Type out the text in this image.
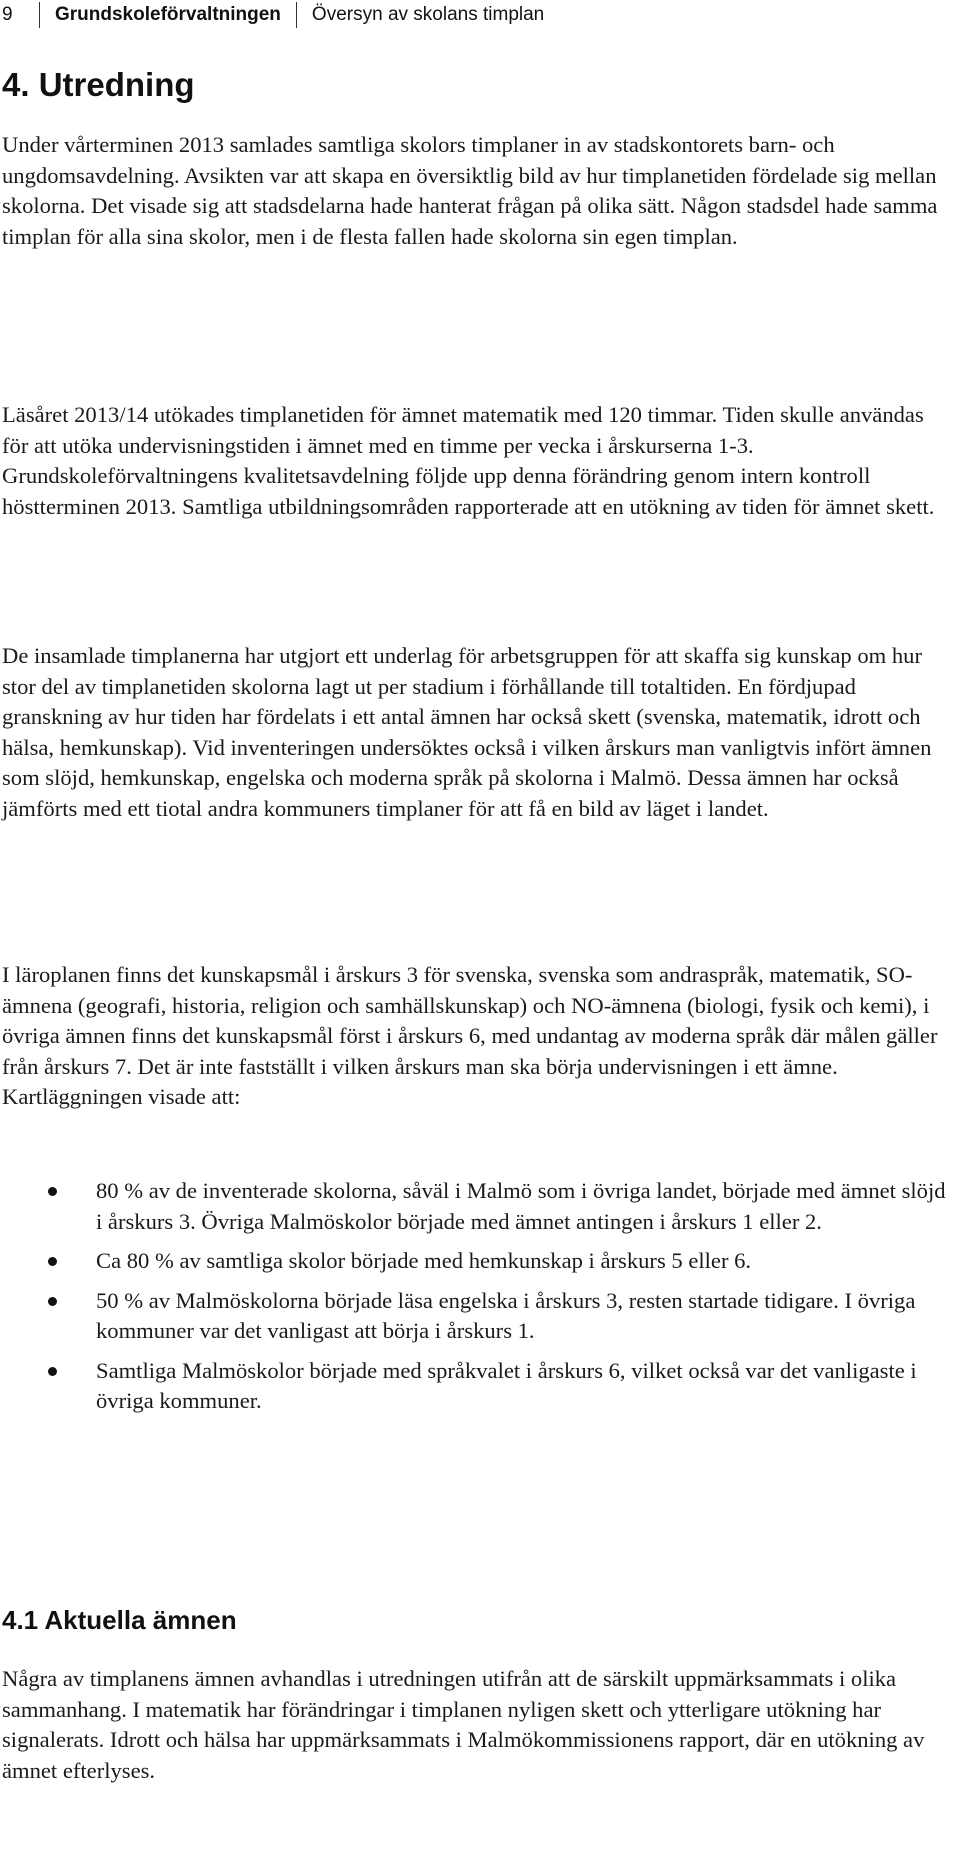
9	Grundskoleförvaltningen Översyn av skolans timplan
4. Utredning

Under vårterminen 2013 samlades samtliga skolors timplaner in av stadskontorets barn- och ungdomsavdelning. Avsikten var att skapa en översiktlig bild av hur timplanetiden fördelade sig mellan skolorna. Det visade sig att stadsdelarna hade hanterat frågan på olika sätt. Någon stadsdel hade samma timplan för alla sina skolor, men i de flesta fallen hade skolorna sin egen timplan.

Läsåret 2013/14 utökades timplanetiden för ämnet matematik med 120 timmar. Tiden skulle användas för att utöka undervisningstiden i ämnet med en timme per vecka i årskurserna 1-3. Grundskoleförvaltningens kvalitetsavdelning följde upp denna förändring genom intern kontroll höstterminen 2013. Samtliga utbildningsområden rapporterade att en utökning av tiden för ämnet skett.

De insamlade timplanerna har utgjort ett underlag för arbetsgruppen för att skaffa sig kunskap om hur stor del av timplanetiden skolorna lagt ut per stadium i förhållande till totaltiden. En fördjupad granskning av hur tiden har fördelats i ett antal ämnen har också skett (svenska, matematik, idrott och hälsa, hemkunskap). Vid inventeringen undersöktes också i vilken årskurs man vanligtvis infört ämnen som slöjd, hemkunskap, engelska och moderna språk på skolorna i Malmö. Dessa ämnen har också jämförts med ett tiotal andra kommuners timplaner för att få en bild av läget i landet.

I läroplanen finns det kunskapsmål i årskurs 3 för svenska, svenska som andraspråk, matematik, SO-ämnena (geografi, historia, religion och samhällskunskap) och NO-ämnena (biologi, fysik och kemi), i övriga ämnen finns det kunskapsmål först i årskurs 6, med undantag av moderna språk där målen gäller från årskurs 7. Det är inte fastställt i vilken årskurs man ska börja undervisningen i ett ämne. Kartläggningen visade att:

80 % av de inventerade skolorna, såväl i Malmö som i övriga landet, började med ämnet slöjd i årskurs 3. Övriga Malmöskolor började med ämnet antingen i årskurs 1 eller 2.
Ca 80 % av samtliga skolor började med hemkunskap i årskurs 5 eller 6.
50 % av Malmöskolorna började läsa engelska i årskurs 3, resten startade tidigare. I övriga kommuner var det vanligast att börja i årskurs 1.
Samtliga Malmöskolor började med språkvalet i årskurs 6, vilket också var det vanligaste i övriga kommuner.
4.1 Aktuella ämnen

Några av timplanens ämnen avhandlas i utredningen utifrån att de särskilt uppmärksammats i olika sammanhang. I matematik har förändringar i timplanen nyligen skett och ytterligare utökning har signalerats. Idrott och hälsa har uppmärksammats i Malmökommissionens rapport, där en utökning av ämnet efterlyses.
